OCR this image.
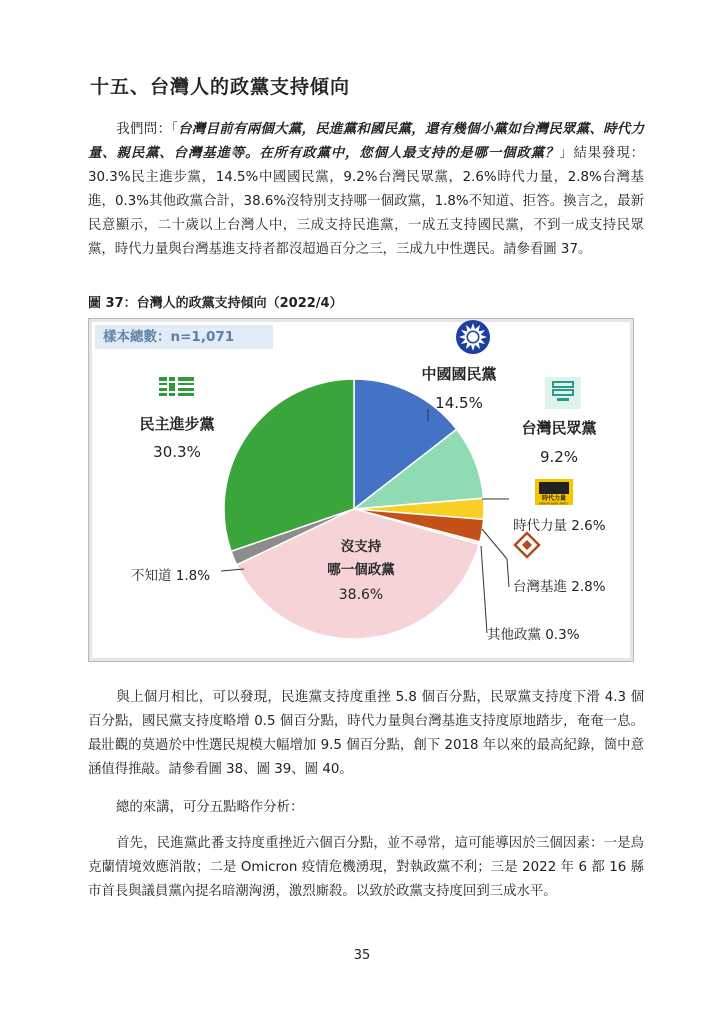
十五、台灣人的政黨支持傾向

我們問：「台灣目前有兩個大黨，民進黨和國民黨，還有幾個小黨如台灣民眾黨、時代力量、親民黨、台灣基進等。在所有政黨中，您個人最支持的是哪一個政黨？」結果發現：30.3%民主進步黨，14.5%中國國民黨，9.2%台灣民眾黨，2.6%時代力量，2.8%台灣基進，0.3%其他政黨合計，38.6%沒特別支持哪一個政黨，1.8%不知道、拒答。換言之，最新民意顯示，二十歲以上台灣人中，三成支持民進黨，一成五支持國民黨，不到一成支持民眾黨，時代力量與台灣基進支持者都沒超過百分之三，三成九中性選民。請參看圖 37。

圖 37：台灣人的政黨支持傾向（2022/4）
樣本總數：n=1,071
時代力量
NEW POWER PARTY
中國國民黨
14.5%
台灣民眾黨
9.2%
時代力量 2.6%
台灣基進 2.8%
其他政黨 0.3%
沒支持
哪一個政黨
38.6%
不知道 1.8%
民主進步黨
30.3%

與上個月相比，可以發現，民進黨支持度重挫 5.8 個百分點，民眾黨支持度下滑 4.3 個百分點，國民黨支持度略增 0.5 個百分點，時代力量與台灣基進支持度原地踏步，奄奄一息。最壯觀的莫過於中性選民規模大幅增加 9.5 個百分點，創下 2018 年以來的最高紀錄，箇中意涵值得推敲。請參看圖 38、圖 39、圖 40。

總的來講，可分五點略作分析：

首先，民進黨此番支持度重挫近六個百分點，並不尋常，這可能導因於三個因素：一是烏克蘭情境效應消散；二是 Omicron 疫情危機湧現，對執政黨不利；三是 2022 年 6 都 16 縣市首長與議員黨內提名暗潮洶湧，激烈廝殺。以致於政黨支持度回到三成水平。

35
